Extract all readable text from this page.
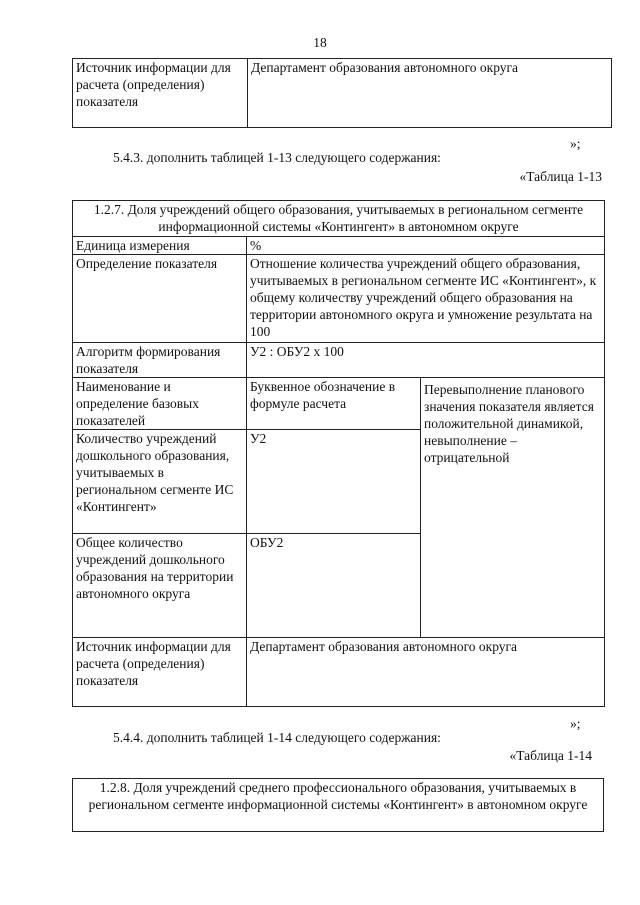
18
Источник информации для расчета (определения) показателя	Департамент образования автономного округа
»;
5.4.3. дополнить таблицей 1-13 следующего содержания:
«Таблица 1-13
1.2.7. Доля учреждений общего образования, учитываемых в региональном сегменте информационной системы «Контингент» в автономном округе		
Единица измерения	%	
Определение показателя	Отношение количества учреждений общего образования, учитываемых в региональном сегменте ИС «Контингент», к общему количеству учреждений общего образования на территории автономного округа и умножение результата на 100	
Алгоритм формирования показателя	У2 : ОБУ2 х 100	
Наименование и определение базовых показателей	Буквенное обозначение в формуле расчета	Перевыполнение планового значения показателя является положительной динамикой, невыполнение – отрицательной
Количество учреждений дошкольного образования, учитываемых в региональном сегменте ИС «Контингент»	У2	
Общее количество учреждений дошкольного образования на территории автономного округа	ОБУ2	
Источник информации для расчета (определения) показателя	Департамент образования автономного округа	
»;
5.4.4. дополнить таблицей 1-14 следующего содержания:
«Таблица 1-14
1.2.8. Доля учреждений среднего профессионального образования, учитываемых в региональном сегменте информационной системы «Контингент» в автономном округе
